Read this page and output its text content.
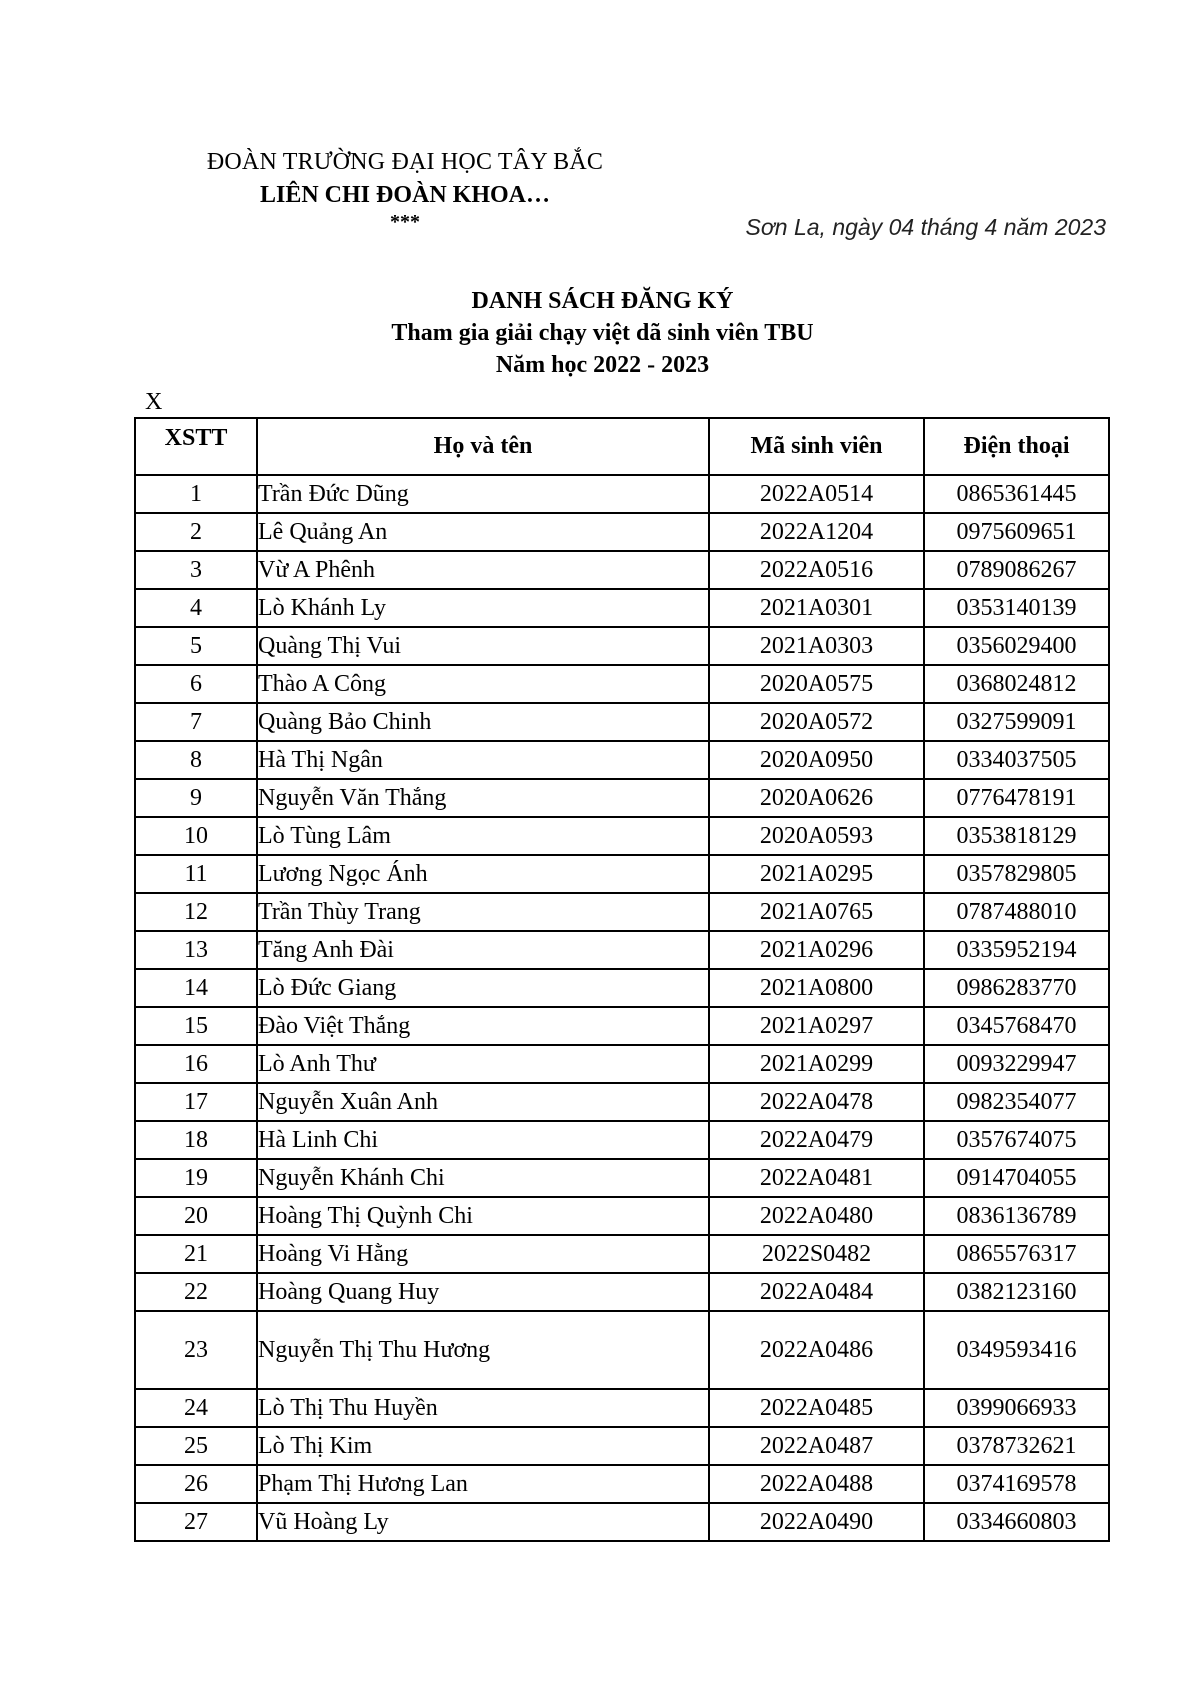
ĐOÀN TRƯỜNG ĐẠI HỌC TÂY BẮC
LIÊN CHI ĐOÀN KHOA…
***	Sơn La, ngày 04 tháng 4 năm 2023
DANH SÁCH ĐĂNG KÝ
Tham gia giải chạy việt dã sinh viên TBU
Năm học 2022 - 2023
X
XSTT	Họ và tên	Mã sinh viên	Điện thoại
1	Trần Đức Dũng	2022A0514	0865361445
2	Lê Quảng An	2022A1204	0975609651
3	Vừ A Phênh	2022A0516	0789086267
4	Lò Khánh Ly	2021A0301	0353140139
5	Quàng Thị Vui	2021A0303	0356029400
6	Thào A Công	2020A0575	0368024812
7	Quàng Bảo Chinh	2020A0572	0327599091
8	Hà Thị Ngân	2020A0950	0334037505
9	Nguyễn Văn Thắng	2020A0626	0776478191
10	Lò Tùng Lâm	2020A0593	0353818129
11	Lương Ngọc Ánh	2021A0295	0357829805
12	Trần Thùy Trang	2021A0765	0787488010
13	Tăng Anh Đài	2021A0296	0335952194
14	Lò Đức Giang	2021A0800	0986283770
15	Đào Việt Thắng	2021A0297	0345768470
16	Lò Anh Thư	2021A0299	0093229947
17	Nguyễn Xuân Anh	2022A0478	0982354077
18	Hà Linh Chi	2022A0479	0357674075
19	Nguyễn Khánh Chi	2022A0481	0914704055
20	Hoàng Thị Quỳnh Chi	2022A0480	0836136789
21	Hoàng Vi Hằng	2022S0482	0865576317
22	Hoàng Quang Huy	2022A0484	0382123160
23	Nguyễn Thị Thu Hương	2022A0486	0349593416
24	Lò Thị Thu Huyền	2022A0485	0399066933
25	Lò Thị Kim	2022A0487	0378732621
26	Phạm Thị Hương Lan	2022A0488	0374169578
27	Vũ Hoàng Ly	2022A0490	0334660803
